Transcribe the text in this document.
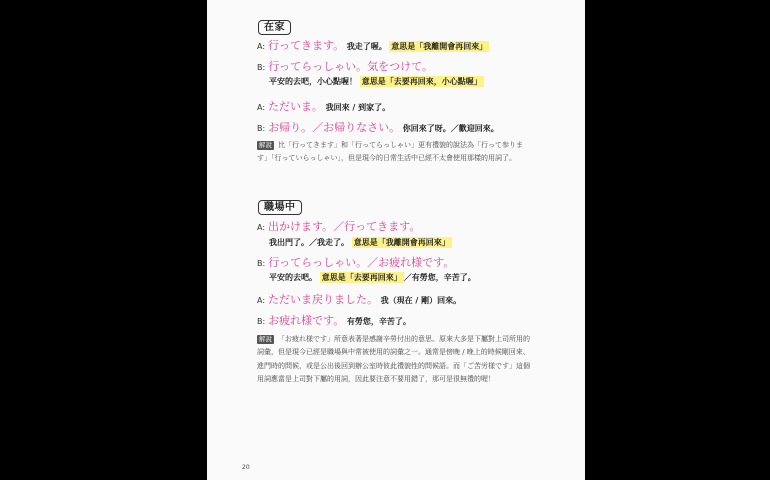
在家
A: 行ってきます。 我走了喔。 意思是「我離開會再回來」
B: 行ってらっしゃい。気をつけて。
平安的去吧，小心點喔！ 意思是「去要再回來，小心點喔」
A: ただいま。 我回來 / 到家了。
B: お帰り。／お帰りなさい。 你回來了呀。／歡迎回來。
解說 比「行ってきます」和「行ってらっしゃい」更有禮貌的說法為「行って参ります」「行っていらっしゃい」，但是現今的日常生活中已經不太會使用那樣的用詞了。
職場中
A: 出かけます。／行ってきます。
我出門了。／我走了。 意思是「我離開會再回來」
B: 行ってらっしゃい。／お疲れ様です。
平安的去吧。 意思是「去要再回來」 ／有勞您，辛苦了。
A: ただいま戻りました。 我（現在 / 剛）回來。
B: お疲れ様です。 有勞您，辛苦了。
解說 「お疲れ様です」所意表著是感謝辛勞付出的意思。原來大多是下屬對上司所用的詞彙，但是現今已經是職場與中常被使用的詞彙之一。通常是傍晚 / 晚上的時候剛回來、進門時的問候，或是公出後回到辦公室時彼此禮貌性的問候語。而「ご苦労様です」這個用詞應當是上司對下屬的用詞，因此要注意不要用錯了，那可是很無禮的喔！
20
